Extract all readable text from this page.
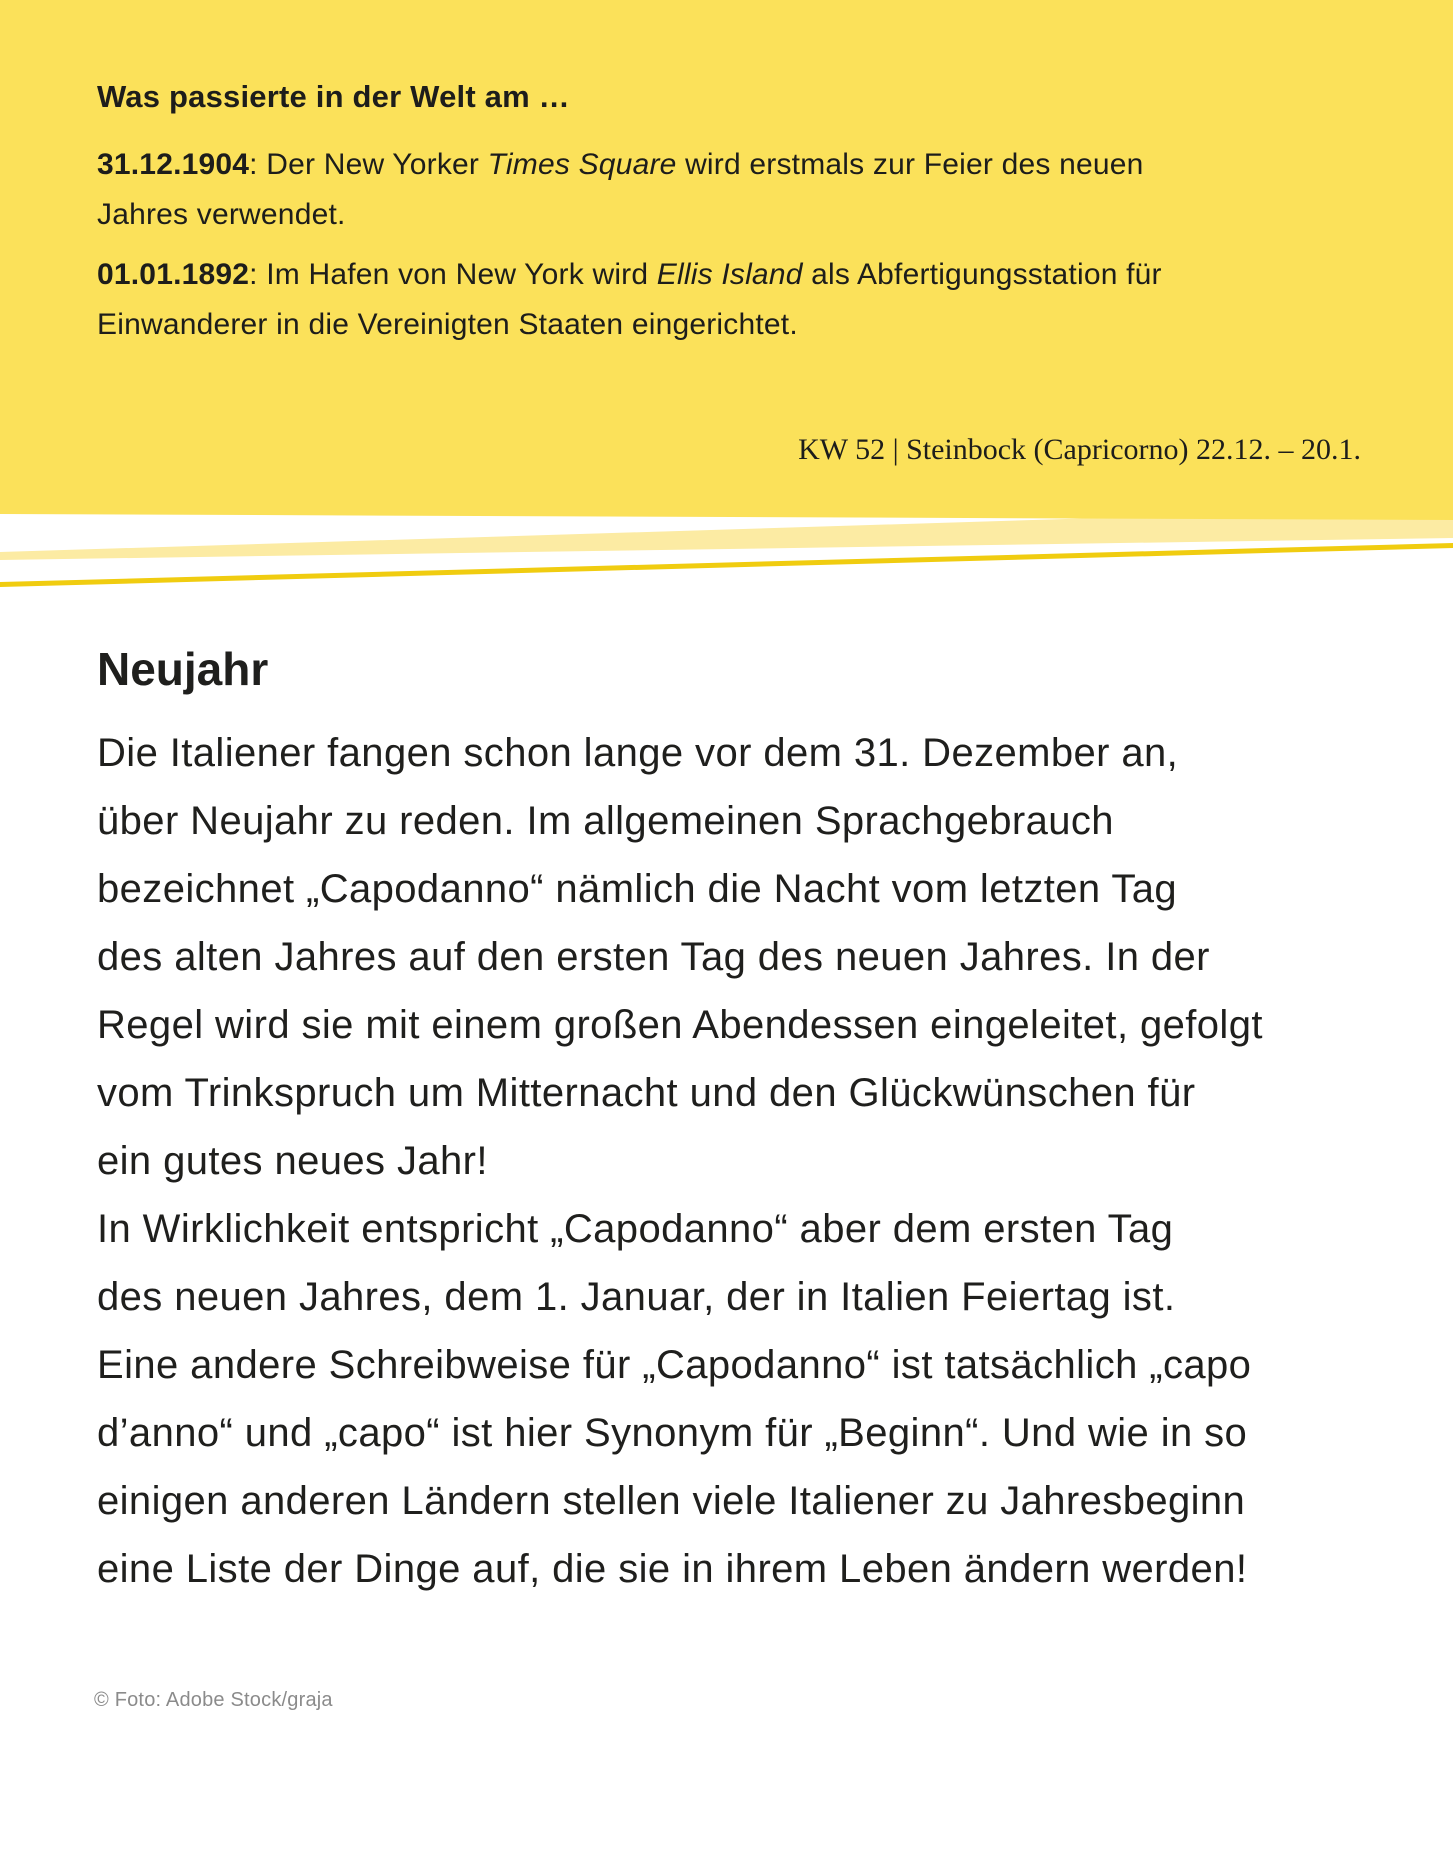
Was passierte in der Welt am …

31.12.1904: Der New Yorker Times Square wird erstmals zur Feier des neuen
Jahres verwendet.

01.01.1892: Im Hafen von New York wird Ellis Island als Abfertigungsstation für
Einwanderer in die Vereinigten Staaten eingerichtet.

KW 52 | Steinbock (Capricorno) 22.12. – 20.1.

Neujahr
Die Italiener fangen schon lange vor dem 31. Dezember an,
über Neujahr zu reden. Im allgemeinen Sprachgebrauch
bezeichnet „Capodanno“ nämlich die Nacht vom letzten Tag
des alten Jahres auf den ersten Tag des neuen Jahres. In der
Regel wird sie mit einem großen Abendessen eingeleitet, gefolgt
vom Trinkspruch um Mitternacht und den Glückwünschen für
ein gutes neues Jahr!
In Wirklichkeit entspricht „Capodanno“ aber dem ersten Tag
des neuen Jahres, dem 1. Januar, der in Italien Feiertag ist.
Eine andere Schreibweise für „Capodanno“ ist tatsächlich „capo
d’anno“ und „capo“ ist hier Synonym für „Beginn“. Und wie in so
einigen anderen Ländern stellen viele Italiener zu Jahresbeginn
eine Liste der Dinge auf, die sie in ihrem Leben ändern werden!

© Foto: Adobe Stock/graja
